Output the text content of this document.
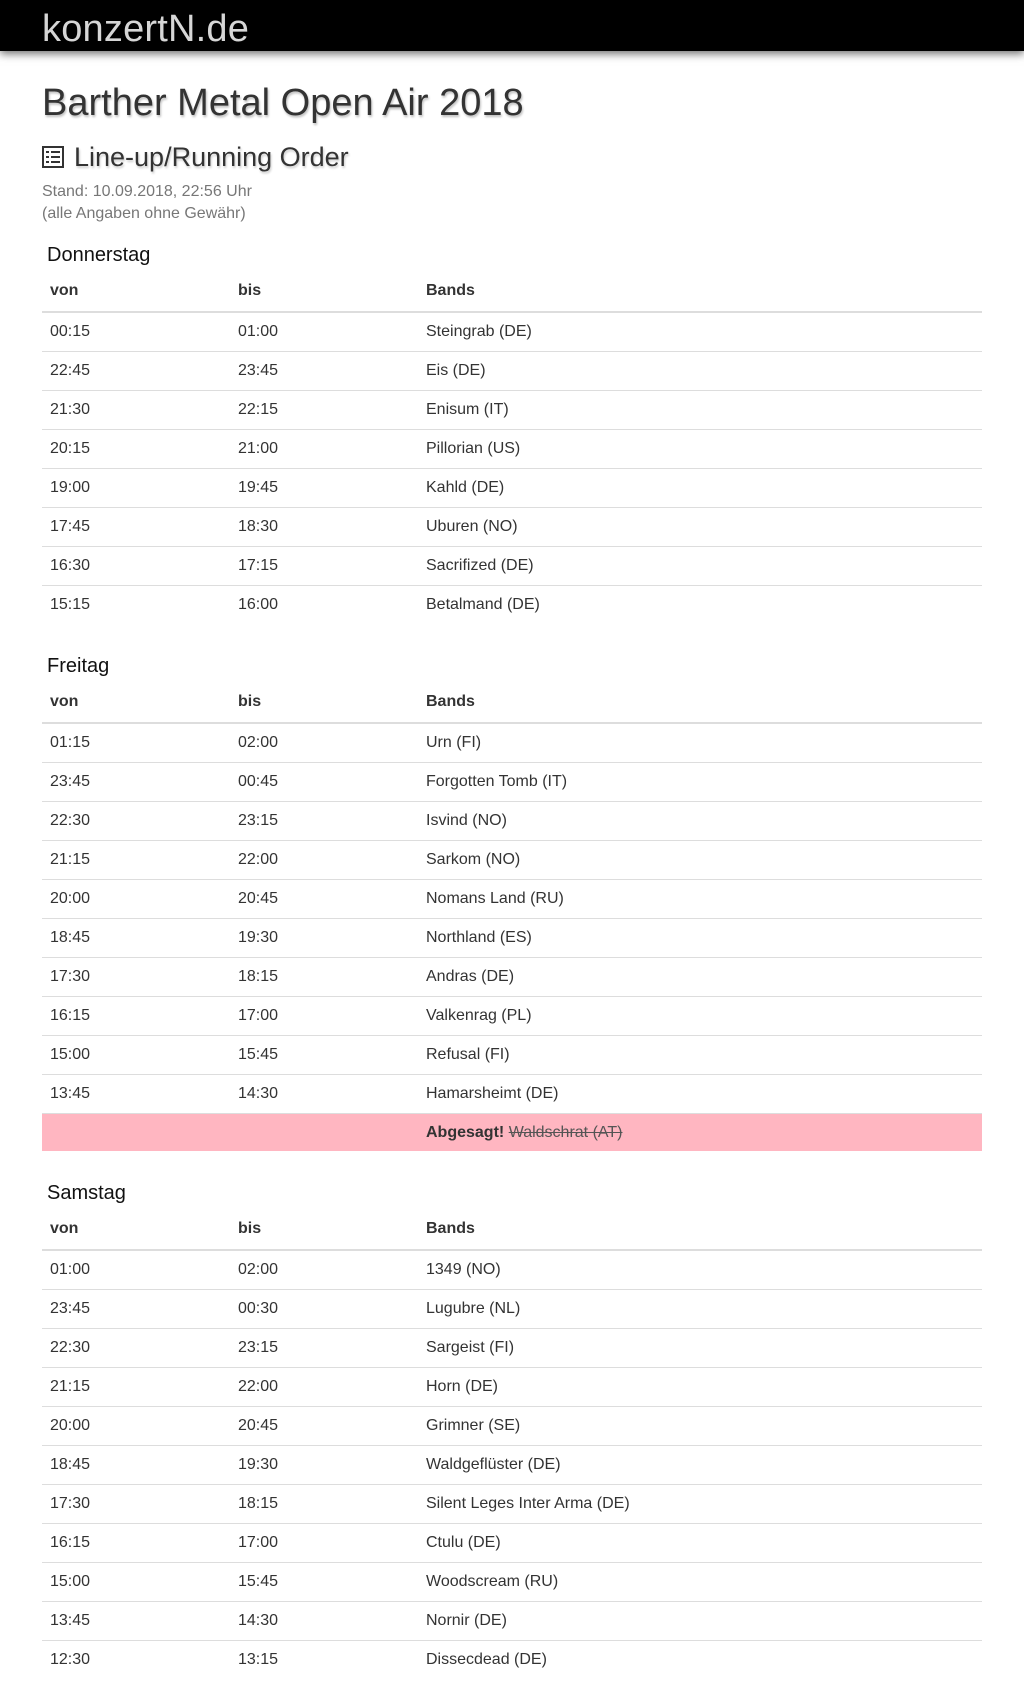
konzertN.de
Barther Metal Open Air 2018
Line-up/Running Order
Stand: 10.09.2018, 22:56 Uhr
(alle Angaben ohne Gewähr)
Donnerstag
von	bis	Bands
00:15	01:00	Steingrab (DE)
22:45	23:45	Eis (DE)
21:30	22:15	Enisum (IT)
20:15	21:00	Pillorian (US)
19:00	19:45	Kahld (DE)
17:45	18:30	Uburen (NO)
16:30	17:15	Sacrifized (DE)
15:15	16:00	Betalmand (DE)
Freitag
von	bis	Bands
01:15	02:00	Urn (FI)
23:45	00:45	Forgotten Tomb (IT)
22:30	23:15	Isvind (NO)
21:15	22:00	Sarkom (NO)
20:00	20:45	Nomans Land (RU)
18:45	19:30	Northland (ES)
17:30	18:15	Andras (DE)
16:15	17:00	Valkenrag (PL)
15:00	15:45	Refusal (FI)
13:45	14:30	Hamarsheimt (DE)
		Abgesagt! Waldschrat (AT)
Samstag
von	bis	Bands
01:00	02:00	1349 (NO)
23:45	00:30	Lugubre (NL)
22:30	23:15	Sargeist (FI)
21:15	22:00	Horn (DE)
20:00	20:45	Grimner (SE)
18:45	19:30	Waldgeflüster (DE)
17:30	18:15	Silent Leges Inter Arma (DE)
16:15	17:00	Ctulu (DE)
15:00	15:45	Woodscream (RU)
13:45	14:30	Nornir (DE)
12:30	13:15	Dissecdead (DE)
